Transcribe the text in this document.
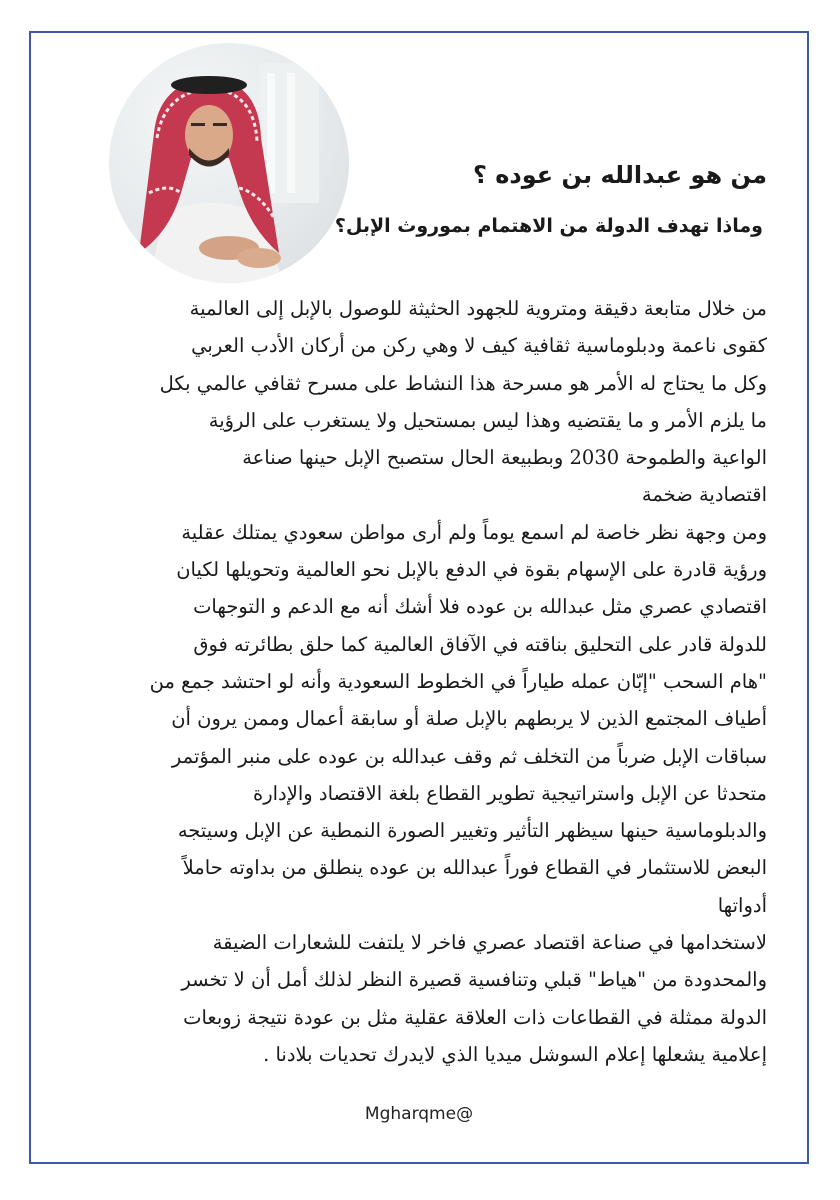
من هو عبدالله بن عوده ؟
وماذا تهدف الدولة من الاهتمام بموروث الإبل؟
من خلال متابعة دقيقة ومتروية للجهود الحثيثة للوصول بالإبل إلى العالمية
كقوى ناعمة ودبلوماسية ثقافية كيف لا وهي ركن من أركان الأدب العربي
وكل ما يحتاج له الأمر هو مسرحة هذا النشاط على مسرح ثقافي عالمي بكل
ما يلزم الأمر و ما يقتضيه وهذا ليس بمستحيل ولا يستغرب على الرؤية
الواعية والطموحة 2030 وبطبيعة الحال ستصبح الإبل حينها صناعة
اقتصادية ضخمة
ومن وجهة نظر خاصة لم اسمع يوماً ولم أرى مواطن سعودي يمتلك عقلية
ورؤية قادرة على الإسهام بقوة في الدفع بالإبل نحو العالمية وتحويلها لكيان
اقتصادي عصري مثل عبدالله بن عوده فلا أشك أنه مع الدعم و التوجهات
للدولة قادر على التحليق بناقته في الآفاق العالمية كما حلق بطائرته فوق
"هام السحب "إبّان عمله طياراً في الخطوط السعودية وأنه لو احتشد جمع من
أطياف المجتمع الذين لا يربطهم بالإبل صلة أو سابقة أعمال وممن يرون أن
سباقات الإبل ضرباً من التخلف ثم وقف عبدالله بن عوده على منبر المؤتمر
متحدثا عن الإبل واستراتيجية تطوير القطاع بلغة الاقتصاد والإدارة
والدبلوماسية حينها سيظهر التأثير وتغيير الصورة النمطية عن الإبل وسيتجه
البعض للاستثمار في القطاع فوراً عبدالله بن عوده ينطلق من بداوته حاملاً
أدواتها
لاستخدامها في صناعة اقتصاد عصري فاخر لا يلتفت للشعارات الضيقة
والمحدودة من "هياط" قبلي وتنافسية قصيرة النظر لذلك أمل أن لا تخسر
الدولة ممثلة في القطاعات ذات العلاقة عقلية مثل بن عودة نتيجة زوبعات
إعلامية يشعلها إعلام السوشل ميديا الذي لايدرك تحديات بلادنا .
Mgharqme@
